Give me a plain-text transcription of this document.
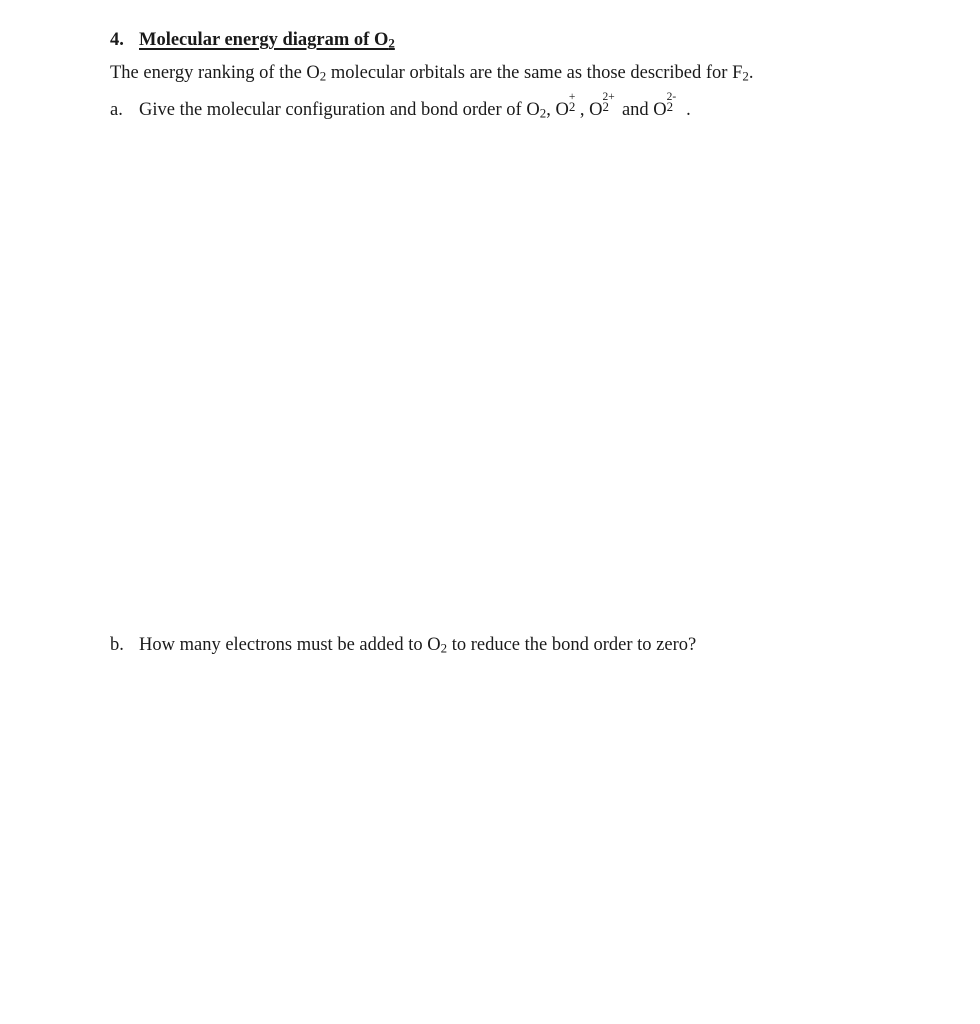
4. Molecular energy diagram of $O_2$
The energy ranking of the $O_2$ molecular orbitals are the same as those described for $F_2$.
a. Give the molecular configuration and bond order of $O_2$, O
+
2 , O
2+
2 and O
2-
2 .
b. How many electrons must be added to $O_2$ to reduce the bond order to zero?
